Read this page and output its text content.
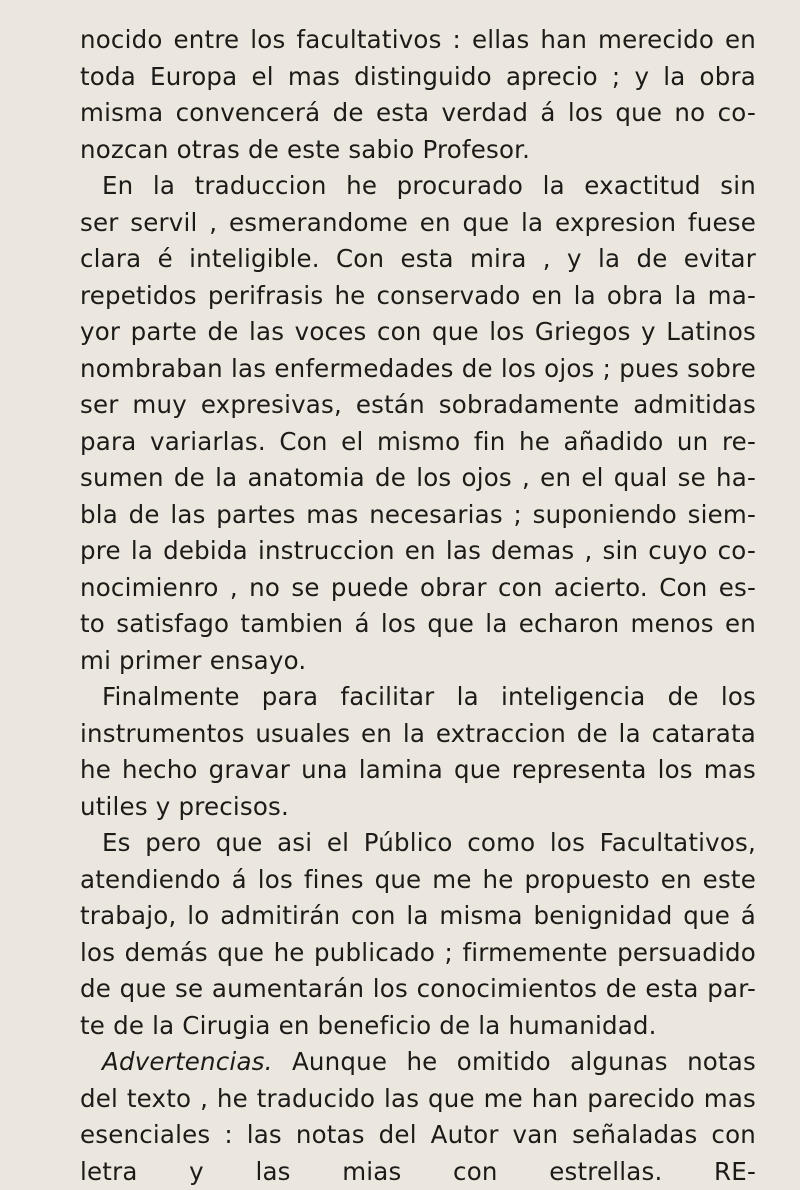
nocido entre los facultativos : ellas han merecido en
toda Europa el mas distinguido aprecio ; y la obra
misma convencerá de esta verdad á los que no co-
nozcan otras de este sabio Profesor.
En la traduccion he procurado la exactitud sin
ser servil , esmerandome en que la expresion fuese
clara é inteligible. Con esta mira , y la de evitar
repetidos perifrasis he conservado en la obra la ma-
yor parte de las voces con que los Griegos y Latinos
nombraban las enfermedades de los ojos ; pues sobre
ser muy expresivas, están sobradamente admitidas
para variarlas. Con el mismo fin he añadido un re-
sumen de la anatomia de los ojos , en el qual se ha-
bla de las partes mas necesarias ; suponiendo siem-
pre la debida instruccion en las demas , sin cuyo co-
nocimienro , no se puede obrar con acierto. Con es-
to satisfago tambien á los que la echaron menos en
mi primer ensayo.
Finalmente para facilitar la inteligencia de los
instrumentos usuales en la extraccion de la catarata
he hecho gravar una lamina que representa los mas
utiles y precisos.
Es pero que asi el Público como los Facultativos,
atendiendo á los fines que me he propuesto en este
trabajo, lo admitirán con la misma benignidad que á
los demás que he publicado ; firmemente persuadido
de que se aumentarán los conocimientos de esta par-
te de la Cirugia en beneficio de la humanidad.
Advertencias. Aunque he omitido algunas notas
del texto , he traducido las que me han parecido mas
esenciales : las notas del Autor van señaladas con
letra y las mias con estrellas. RE-
